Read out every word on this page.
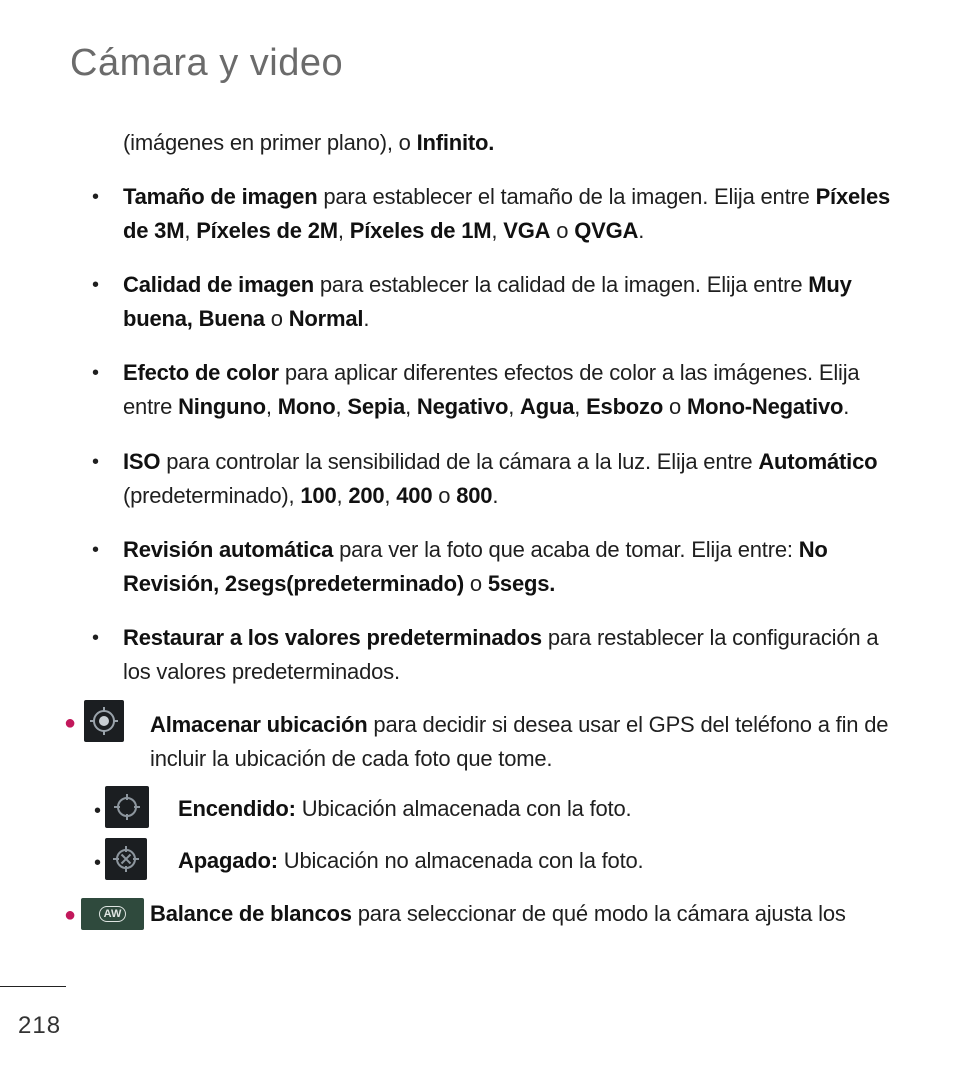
Cámara y video

(imágenes en primer plano), o Infinito.

• Tamaño de imagen para establecer el tamaño de la imagen. Elija entre Píxeles de 3M, Píxeles de 2M, Píxeles de 1M, VGA o QVGA.

• Calidad de imagen para establecer la calidad de la imagen. Elija entre Muy buena, Buena o Normal.

• Efecto de color para aplicar diferentes efectos de color a las imágenes. Elija entre Ninguno, Mono, Sepia, Negativo, Agua, Esbozo o Mono-Negativo.

• ISO para controlar la sensibilidad de la cámara a la luz. Elija entre Automático (predeterminado), 100, 200, 400 o 800.

• Revisión automática para ver la foto que acaba de tomar. Elija entre: No Revisión, 2segs(predeterminado) o 5segs.

• Restaurar a los valores predeterminados para restablecer la configuración a los valores predeterminados.

●	Almacenar ubicación para decidir si desea usar el GPS del teléfono a fin de incluir la ubicación de cada foto que tome.

•	Encendido: Ubicación almacenada con la foto.

•	Apagado: Ubicación no almacenada con la foto.

●	AW Balance de blancos para seleccionar de qué modo la cámara ajusta los

218
